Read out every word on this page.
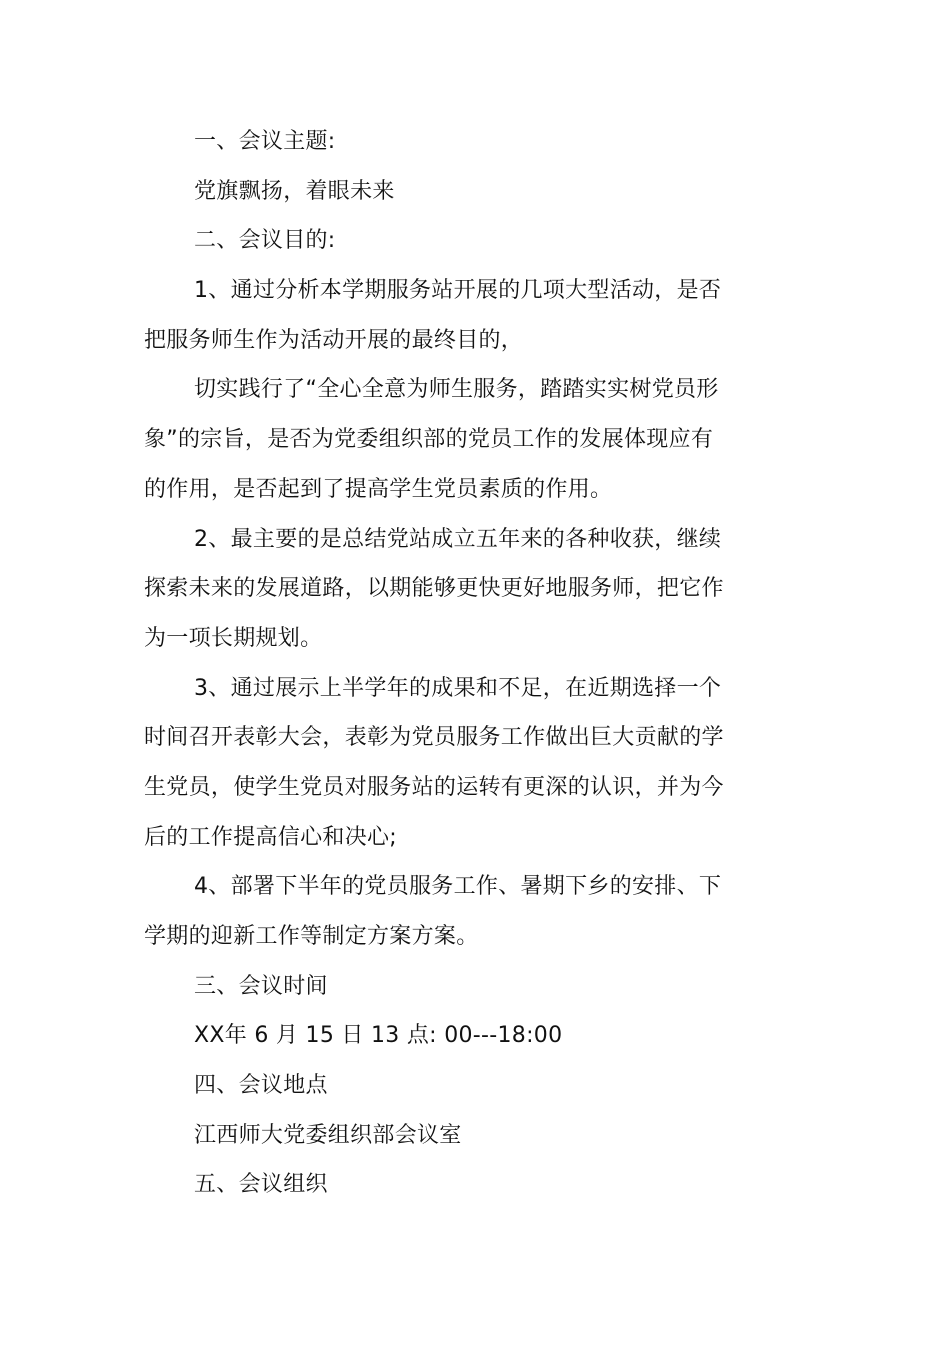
一、会议主题:
党旗飘扬，着眼未来
二、会议目的:
1、通过分析本学期服务站开展的几项大型活动，是否
把服务师生作为活动开展的最终目的，
切实践行了“全心全意为师生服务，踏踏实实树党员形
象”的宗旨，是否为党委组织部的党员工作的发展体现应有
的作用，是否起到了提高学生党员素质的作用。
2、最主要的是总结党站成立五年来的各种收获，继续
探索未来的发展道路，以期能够更快更好地服务师，把它作
为一项长期规划。
3、通过展示上半学年的成果和不足，在近期选择一个
时间召开表彰大会，表彰为党员服务工作做出巨大贡献的学
生党员，使学生党员对服务站的运转有更深的认识，并为今
后的工作提高信心和决心;
4、部署下半年的党员服务工作、暑期下乡的安排、下
学期的迎新工作等制定方案方案。
三、会议时间
XX年 6 月 15 日 13 点: 00---18:00
四、会议地点
江西师大党委组织部会议室
五、会议组织
